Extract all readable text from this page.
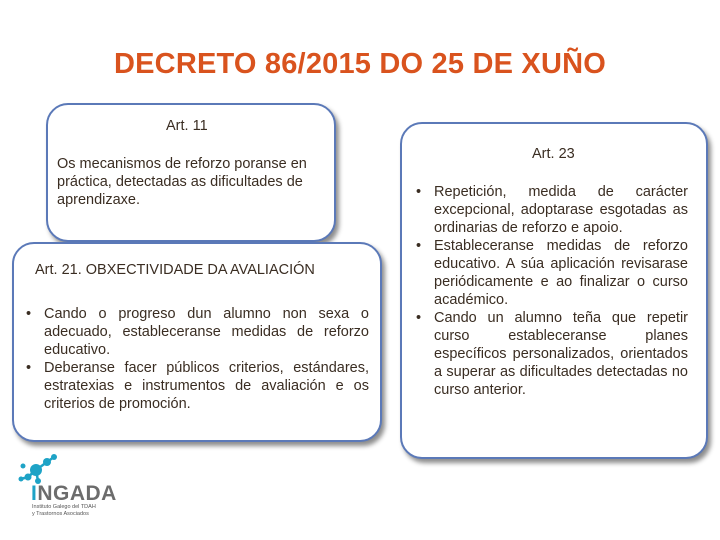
DECRETO 86/2015 DO 25 DE XUÑO
Art. 11
Os mecanismos de reforzo poranse en práctica, detectadas as dificultades de aprendizaxe.
Art. 21. OBXECTIVIDADE DA AVALIACIÓN
• Cando o progreso dun alumno non sexa o adecuado, estableceranse medidas de reforzo educativo.
• Deberanse facer públicos criterios, estándares, estratexias e instrumentos de avaliación e os criterios de promoción.
Art. 23
• Repetición, medida de carácter excepcional, adoptarase esgotadas as ordinarias de reforzo e apoio.
• Estableceranse medidas de reforzo educativo. A súa aplicación revisarase periódicamente e ao finalizar o curso académico.
• Cando un alumno teña que repetir curso estableceranse planes específicos personalizados, orientados a superar as dificultades detectadas no curso anterior.
INGADA
Instituto Galego del TDAH
y Trastornos Asociados
